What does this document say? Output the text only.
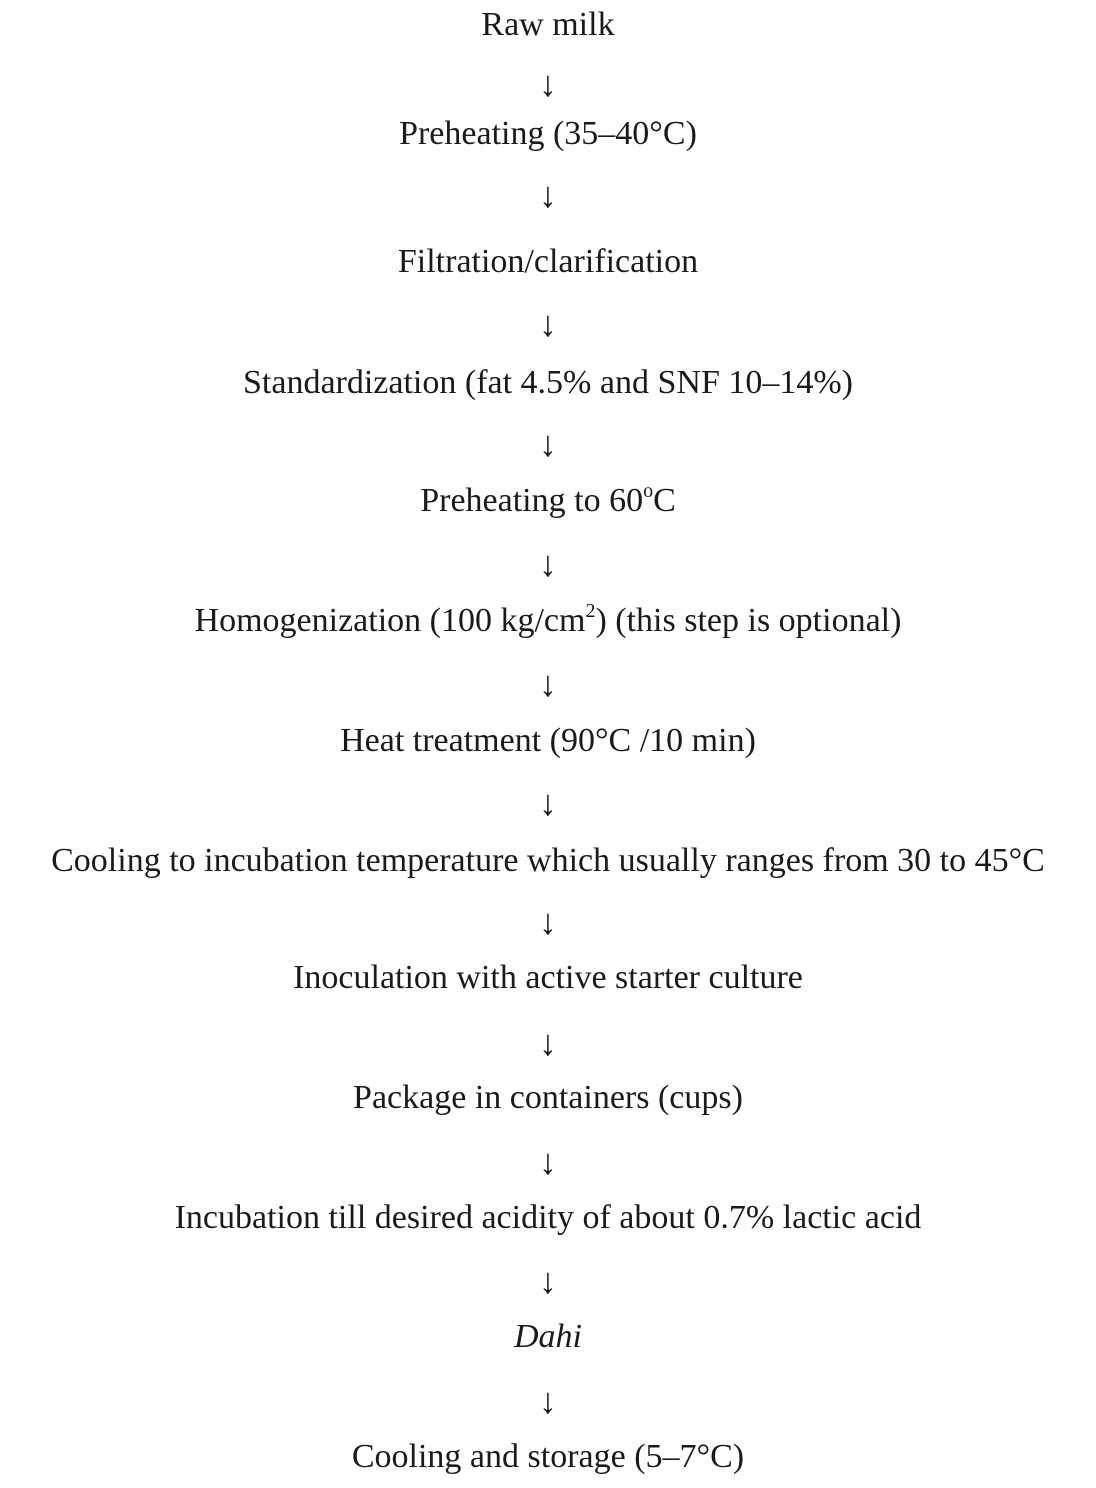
Raw milk
↓
Preheating (35–40°C)
↓
Filtration/clarification
↓
Standardization (fat 4.5% and SNF 10–14%)
↓
Preheating to 60$^o$C
↓
Homogenization (100 $kg/cm^2$) (this step is optional)
↓
Heat treatment (90°C /10 min)
↓
Cooling to incubation temperature which usually ranges from 30 to 45°C
↓
Inoculation with active starter culture
↓
Package in containers (cups)
↓
Incubation till desired acidity of about 0.7% lactic acid
↓
Dahi
↓
Cooling and storage (5–7°C)
